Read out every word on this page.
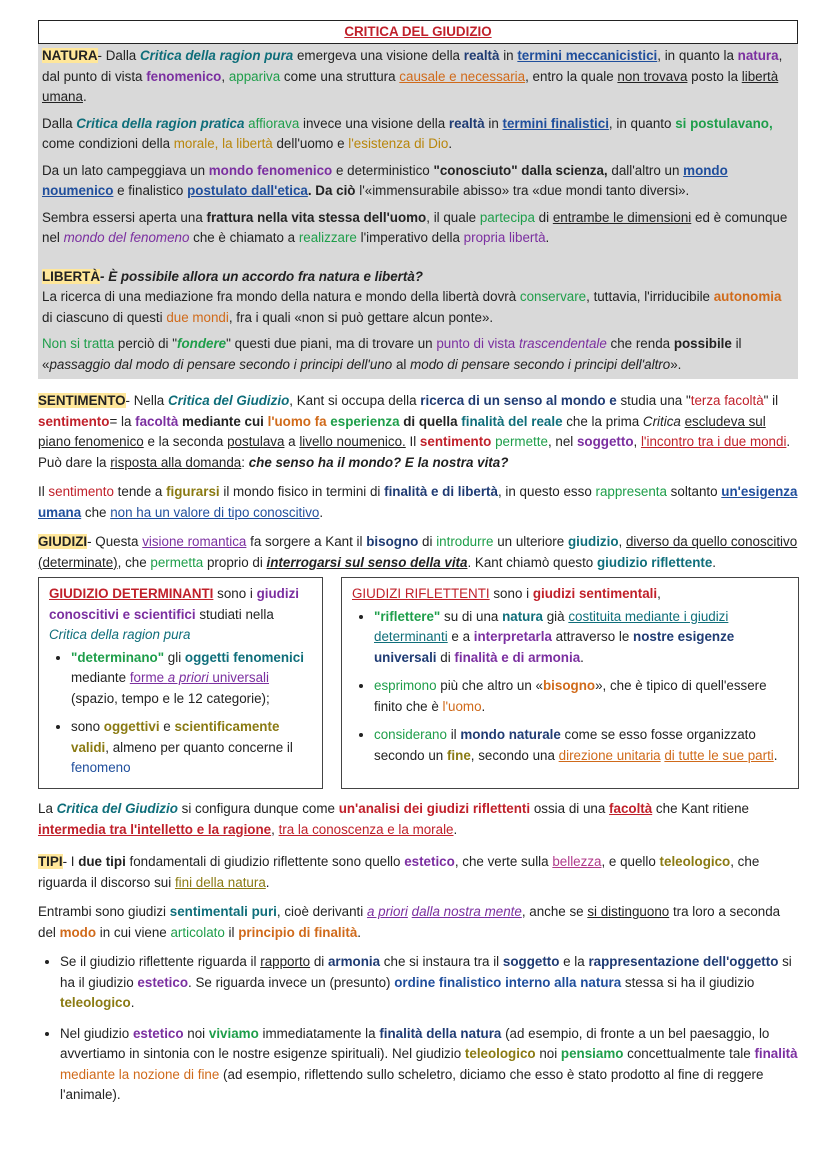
CRITICA DEL GIUDIZIO

NATURA- Dalla Critica della ragion pura emergeva una visione della realtà in termini meccanicistici, in quanto la natura, dal punto di vista fenomenico, appariva come una struttura causale e necessaria, entro la quale non trovava posto la libertà umana.

Dalla Critica della ragion pratica affiorava invece una visione della realtà in termini finalistici, in quanto si postulavano, come condizioni della morale, la libertà dell'uomo e l'esistenza di Dio.

Da un lato campeggiava un mondo fenomenico e deterministico "conosciuto" dalla scienza, dall'altro un mondo noumenico e finalistico postulato dall'etica. Da ciò l'«immensurabile abisso» tra «due mondi tanto diversi».

Sembra essersi aperta una frattura nella vita stessa dell'uomo, il quale partecipa di entrambe le dimensioni ed è comunque nel mondo del fenomeno che è chiamato a realizzare l'imperativo della propria libertà.

LIBERTÀ- È possibile allora un accordo fra natura e libertà?

La ricerca di una mediazione fra mondo della natura e mondo della libertà dovrà conservare, tuttavia, l'irriducibile autonomia di ciascuno di questi due mondi, fra i quali «non si può gettare alcun ponte».

Non si tratta perciò di "fondere" questi due piani, ma di trovare un punto di vista trascendentale che renda possibile il «passaggio dal modo di pensare secondo i principi dell'uno al modo di pensare secondo i principi dell'altro».

SENTIMENTO- Nella Critica del Giudizio, Kant si occupa della ricerca di un senso al mondo e studia una "terza facoltà" il sentimento= la facoltà mediante cui l'uomo fa esperienza di quella finalità del reale che la prima Critica escludeva sul piano fenomenico e la seconda postulava a livello noumenico. Il sentimento permette, nel soggetto, l'incontro tra i due mondi. Può dare la risposta alla domanda: che senso ha il mondo? E la nostra vita?

Il sentimento tende a figurarsi il mondo fisico in termini di finalità e di libertà, in questo esso rappresenta soltanto un'esigenza umana che non ha un valore di tipo conoscitivo.

GIUDIZI- Questa visione romantica fa sorgere a Kant il bisogno di introdurre un ulteriore giudizio, diverso da quello conoscitivo (determinate), che permetta proprio di interrogarsi sul senso della vita. Kant chiamò questo giudizio riflettente.

GIUDIZIO DETERMINANTI sono i giudizi conoscitivi e scientifici studiati nella Critica della ragion pura

• "determinano" gli oggetti fenomenici mediante forme a priori universali (spazio, tempo e le 12 categorie);
• sono oggettivi e scientificamente validi, almeno per quanto concerne il fenomeno

GIUDIZI RIFLETTENTI sono i giudizi sentimentali,

• "riflettere" su di una natura già costituita mediante i giudizi determinanti e a interpretarla attraverso le nostre esigenze universali di finalità e di armonia.
• esprimono più che altro un «bisogno», che è tipico di quell'essere finito che è l'uomo.
• considerano il mondo naturale come se esso fosse organizzato secondo un fine, secondo una direzione unitaria di tutte le sue parti.

La Critica del Giudizio si configura dunque come un'analisi dei giudizi riflettenti ossia di una facoltà che Kant ritiene intermedia tra l'intelletto e la ragione, tra la conoscenza e la morale.

TIPI- I due tipi fondamentali di giudizio riflettente sono quello estetico, che verte sulla bellezza, e quello teleologico, che riguarda il discorso sui fini della natura.

Entrambi sono giudizi sentimentali puri, cioè derivanti a priori dalla nostra mente, anche se si distinguono tra loro a seconda del modo in cui viene articolato il principio di finalità.

• Se il giudizio riflettente riguarda il rapporto di armonia che si instaura tra il soggetto e la rappresentazione dell'oggetto si ha il giudizio estetico. Se riguarda invece un (presunto) ordine finalistico interno alla natura stessa si ha il giudizio teleologico.
• Nel giudizio estetico noi viviamo immediatamente la finalità della natura (ad esempio, di fronte a un bel paesaggio, lo avvertiamo in sintonia con le nostre esigenze spirituali). Nel giudizio teleologico noi pensiamo concettualmente tale finalità mediante la nozione di fine (ad esempio, riflettendo sullo scheletro, diciamo che esso è stato prodotto al fine di reggere l'animale).
